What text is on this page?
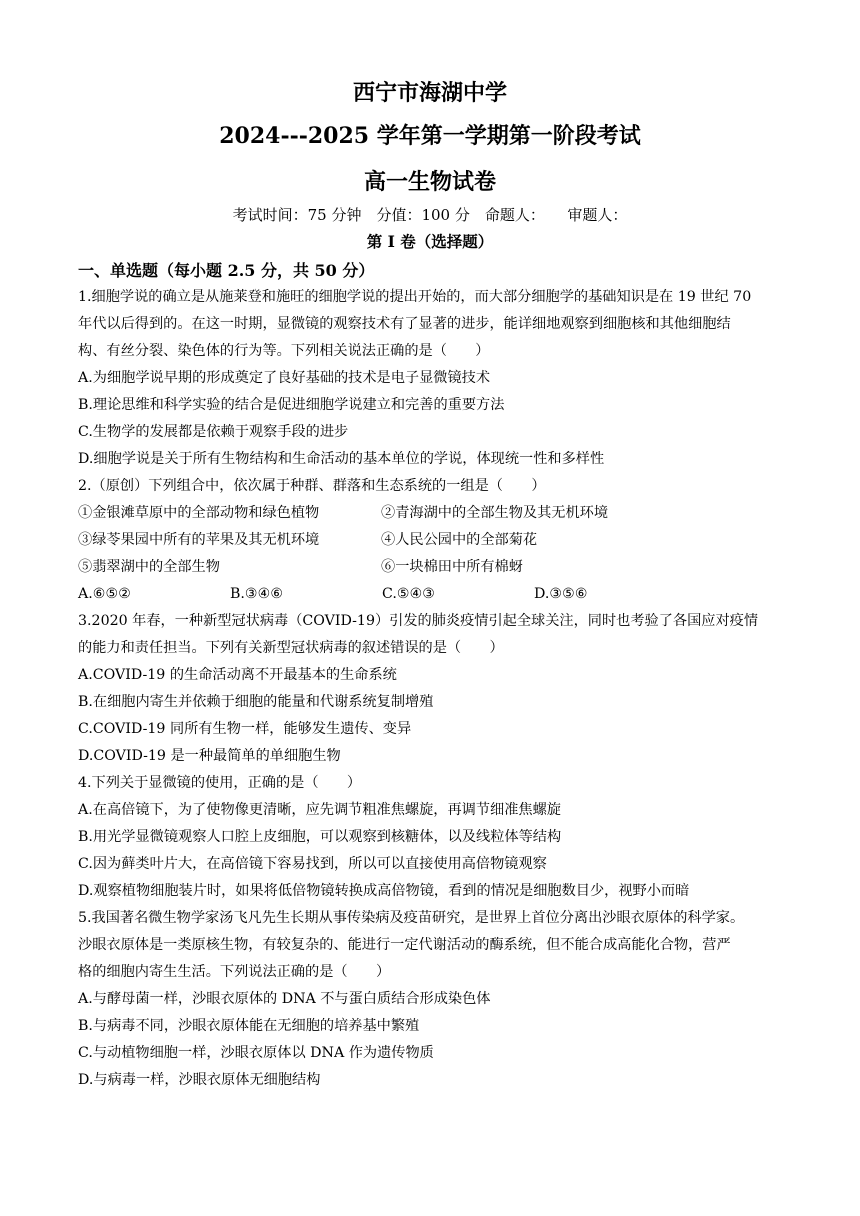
西宁市海湖中学
2024---2025 学年第一学期第一阶段考试
高一生物试卷
考试时间：75 分钟　分值：100 分　命题人：　　审题人：
第 Ⅰ 卷（选择题）
一、单选题（每小题 2.5 分，共 50 分）
1.细胞学说的确立是从施莱登和施旺的细胞学说的提出开始的，而大部分细胞学的基础知识是在 19 世纪 70
年代以后得到的。在这一时期，显微镜的观察技术有了显著的进步，能详细地观察到细胞核和其他细胞结
构、有丝分裂、染色体的行为等。下列相关说法正确的是（　　）
A.为细胞学说早期的形成奠定了良好基础的技术是电子显微镜技术
B.理论思维和科学实验的结合是促进细胞学说建立和完善的重要方法
C.生物学的发展都是依赖于观察手段的进步
D.细胞学说是关于所有生物结构和生命活动的基本单位的学说，体现统一性和多样性
2.（原创）下列组合中，依次属于种群、群落和生态系统的一组是（　　）
①金银滩草原中的全部动物和绿色植物	②青海湖中的全部生物及其无机环境
③绿苓果园中所有的苹果及其无机环境	④人民公园中的全部菊花
⑤翡翠湖中的全部生物	⑥一块棉田中所有棉蚜
A.⑥⑤②	B.③④⑥	C.⑤④③	D.③⑤⑥
3.2020 年春，一种新型冠状病毒（COVID-19）引发的肺炎疫情引起全球关注，同时也考验了各国应对疫情
的能力和责任担当。下列有关新型冠状病毒的叙述错误的是（　　）
A.COVID-19 的生命活动离不开最基本的生命系统
B.在细胞内寄生并依赖于细胞的能量和代谢系统复制增殖
C.COVID-19 同所有生物一样，能够发生遗传、变异
D.COVID-19 是一种最简单的单细胞生物
4.下列关于显微镜的使用，正确的是（　　）
A.在高倍镜下，为了使物像更清晰，应先调节粗准焦螺旋，再调节细准焦螺旋
B.用光学显微镜观察人口腔上皮细胞，可以观察到核糖体，以及线粒体等结构
C.因为藓类叶片大，在高倍镜下容易找到，所以可以直接使用高倍物镜观察
D.观察植物细胞装片时，如果将低倍物镜转换成高倍物镜，看到的情况是细胞数目少，视野小而暗
5.我国著名微生物学家汤飞凡先生长期从事传染病及疫苗研究，是世界上首位分离出沙眼衣原体的科学家。
沙眼衣原体是一类原核生物，有较复杂的、能进行一定代谢活动的酶系统，但不能合成高能化合物，营严
格的细胞内寄生生活。下列说法正确的是（　　）
A.与酵母菌一样，沙眼衣原体的 DNA 不与蛋白质结合形成染色体
B.与病毒不同，沙眼衣原体能在无细胞的培养基中繁殖
C.与动植物细胞一样，沙眼衣原体以 DNA 作为遗传物质
D.与病毒一样，沙眼衣原体无细胞结构
